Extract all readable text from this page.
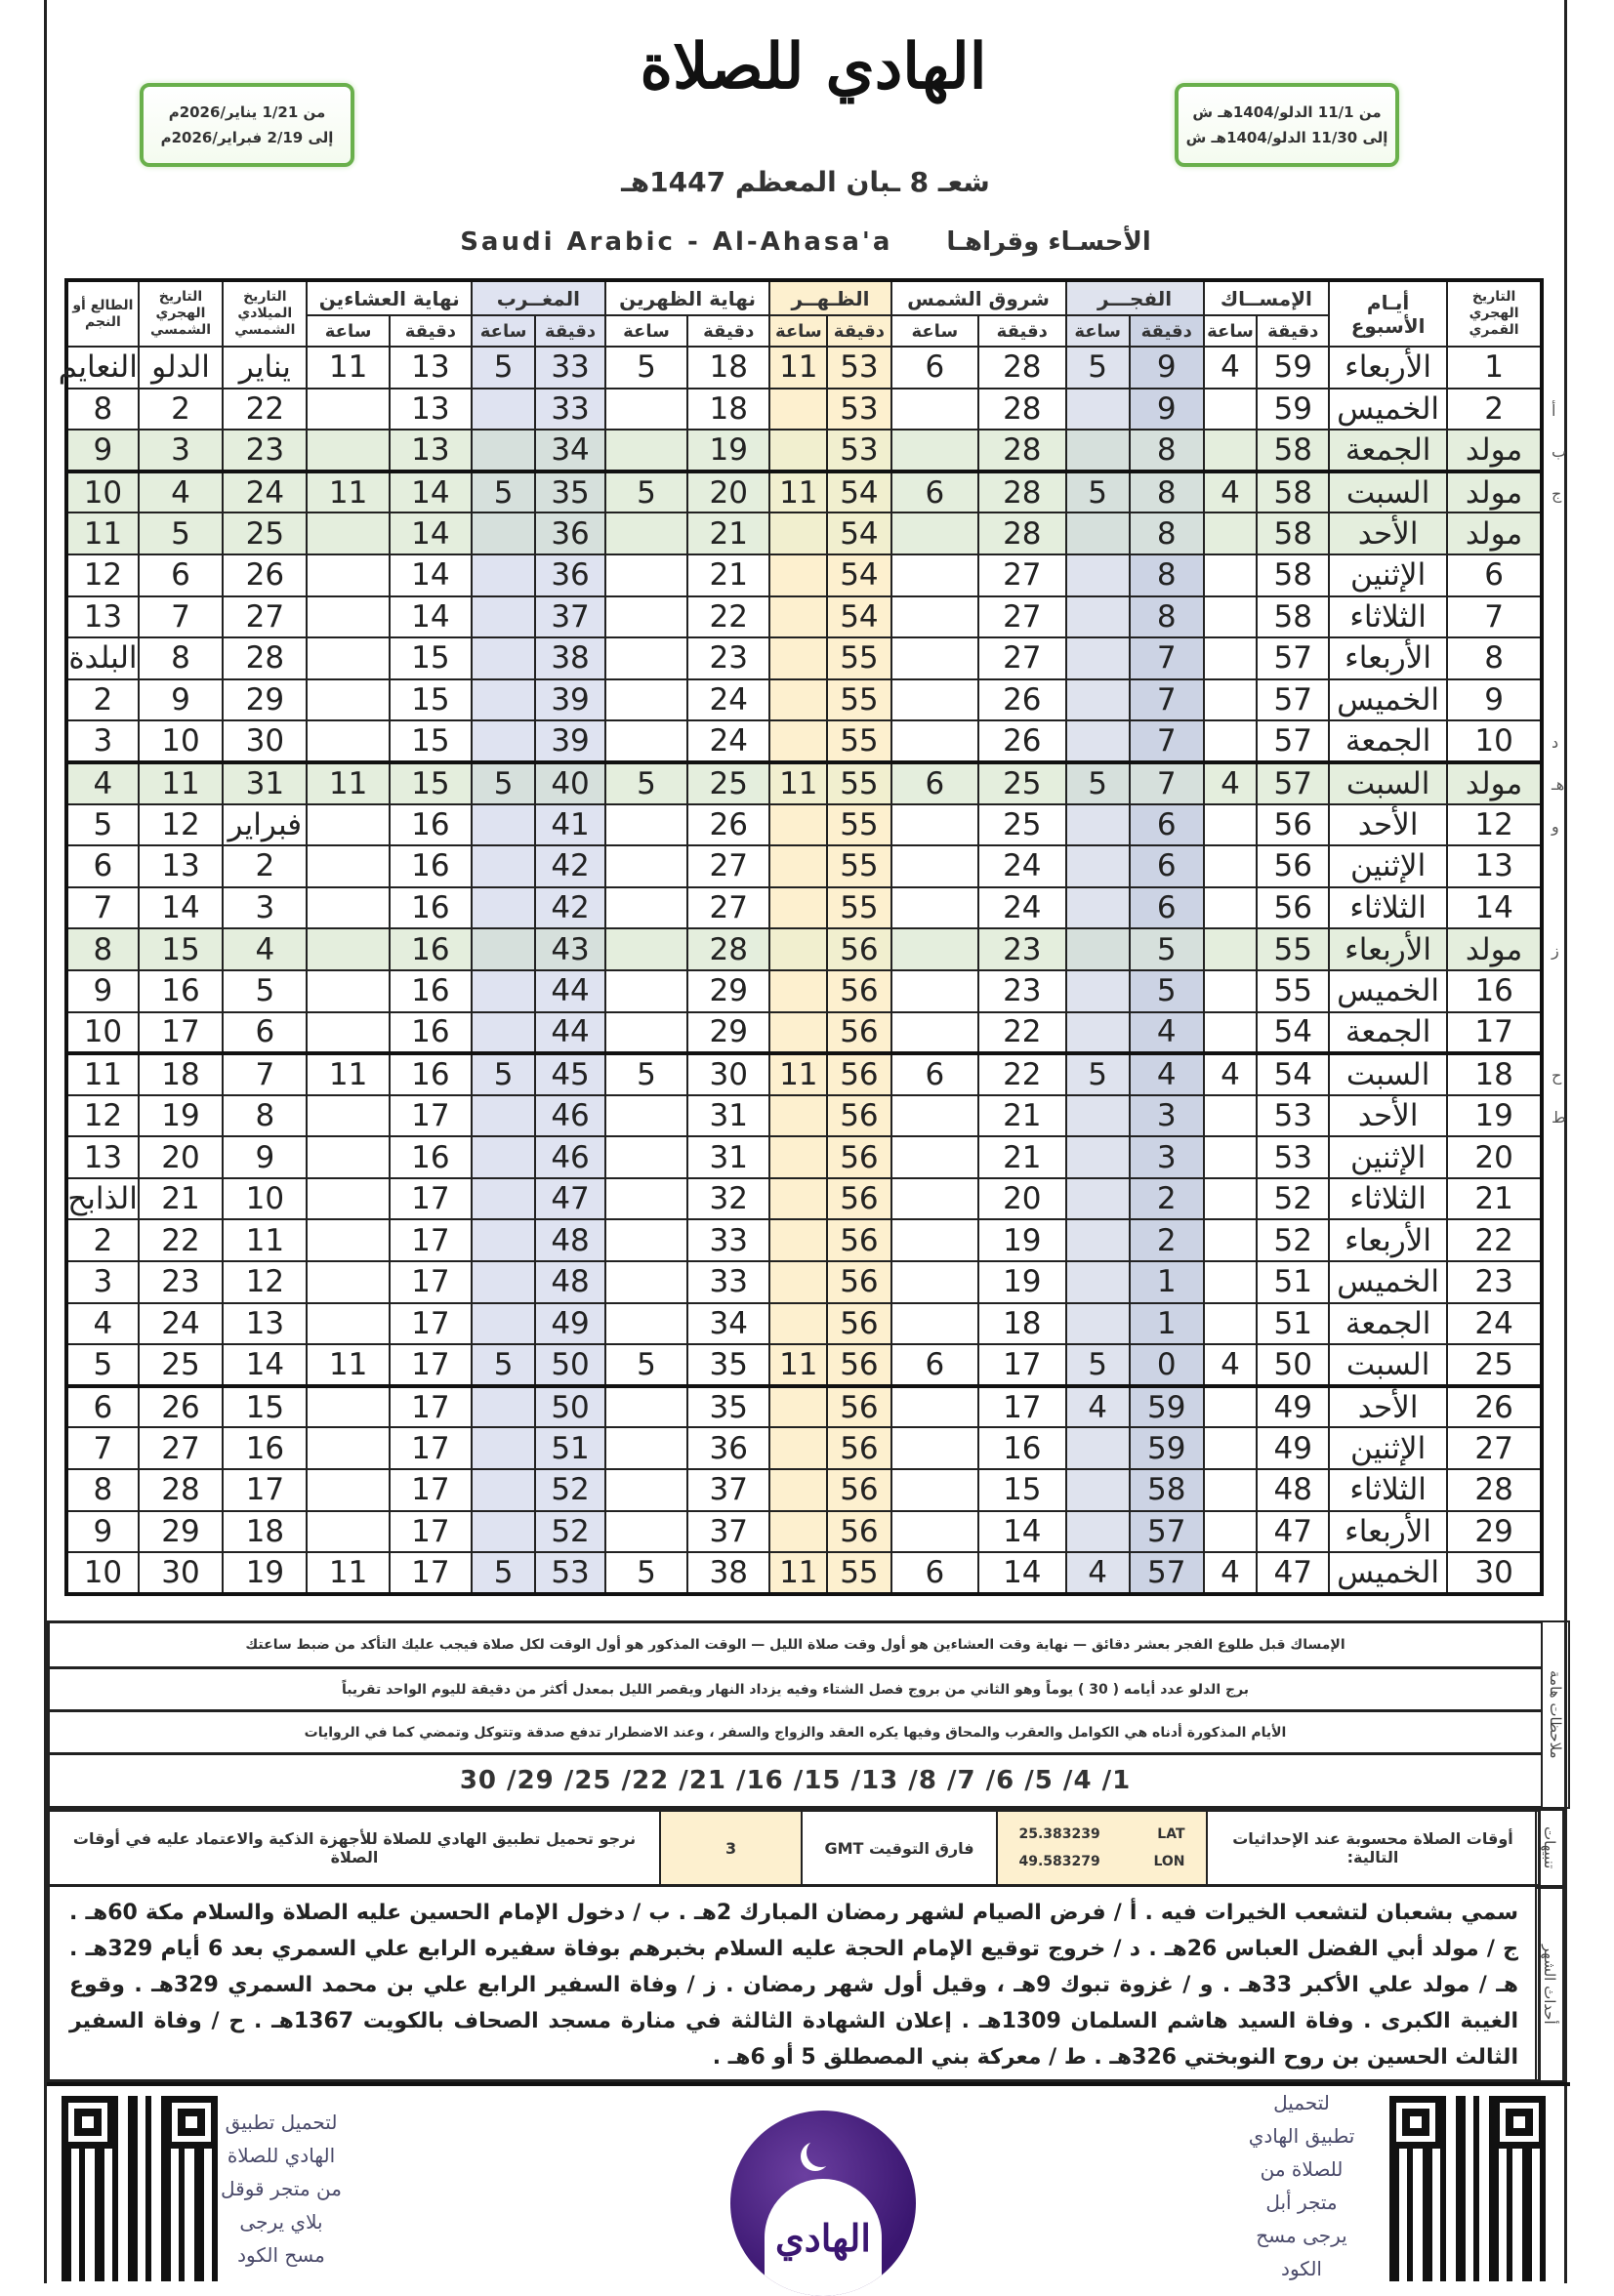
من 1/21 يناير/2026م
إلى 2/19 فبراير/2026م
الهادي للصلاة
من 11/1 الدلو/1404هـ ش
إلى 11/30 الدلو/1404هـ ش
شعـ 8 ـبان المعظم 1447هـ
Saudi Arabic - Al-Ahasa'a الأحسـاء وقراهـا
التاريخ الهجري القمري	أيـام الأسبوع	الإمســاك		الفجـــر		شروق الشمس		الظـهــر		نهاية الظهرين		المغــرب		نهاية العشاءين		التاريخ الميلادي الشمسي	التاريخ الهجري الشمسي	الطالع أو النجم
		دقيقة	ساعة	دقيقة	ساعة	دقيقة	ساعة	دقيقة	ساعة	دقيقة	ساعة	دقيقة	ساعة	دقيقة	ساعة			
1	الأربعاء	59	4	9	5	28	6	53	11	18	5	33	5	13	11	يناير	الدلو	النعايم
2	الخميس	59		9		28		53		18		33		13		22	2	8
مولد	الجمعة	58		8		28		53		19		34		13		23	3	9
مولد	السبت	58	4	8	5	28	6	54	11	20	5	35	5	14	11	24	4	10
مولد	الأحد	58		8		28		54		21		36		14		25	5	11
6	الإثنين	58		8		27		54		21		36		14		26	6	12
7	الثلاثاء	58		8		27		54		22		37		14		27	7	13
8	الأربعاء	57		7		27		55		23		38		15		28	8	البلدة
9	الخميس	57		7		26		55		24		39		15		29	9	2
10	الجمعة	57		7		26		55		24		39		15		30	10	3
مولد	السبت	57	4	7	5	25	6	55	11	25	5	40	5	15	11	31	11	4
12	الأحد	56		6		25		55		26		41		16		فبراير	12	5
13	الإثنين	56		6		24		55		27		42		16		2	13	6
14	الثلاثاء	56		6		24		55		27		42		16		3	14	7
مولد	الأربعاء	55		5		23		56		28		43		16		4	15	8
16	الخميس	55		5		23		56		29		44		16		5	16	9
17	الجمعة	54		4		22		56		29		44		16		6	17	10
18	السبت	54	4	4	5	22	6	56	11	30	5	45	5	16	11	7	18	11
19	الأحد	53		3		21		56		31		46		17		8	19	12
20	الإثنين	53		3		21		56		31		46		16		9	20	13
21	الثلاثاء	52		2		20		56		32		47		17		10	21	الذابح
22	الأربعاء	52		2		19		56		33		48		17		11	22	2
23	الخميس	51		1		19		56		33		48		17		12	23	3
24	الجمعة	51		1		18		56		34		49		17		13	24	4
25	السبت	50	4	0	5	17	6	56	11	35	5	50	5	17	11	14	25	5
26	الأحد	49		59	4	17		56		35		50		17		15	26	6
27	الإثنين	49		59		16		56		36		51		17		16	27	7
28	الثلاثاء	48		58		15		56		37		52		17		17	28	8
29	الأربعاء	47		57		14		56		37		52		17		18	29	9
30	الخميس	47	4	57	4	14	6	55	11	38	5	53	5	17	11	19	30	10
أ
ب
ج
د
هـ
و
ز
ح
ط
الإمساك قبل طلوع الفجر بعشر دقائق — نهاية وقت العشاءين هو أول وقت صلاة الليل — الوقت المذكور هو أول الوقت لكل صلاة فيجب عليك التأكد من ضبط ساعتك
برج الدلو عدد أيامه ( 30 ) يوماً وهو الثاني من بروج فصل الشتاء وفيه يزداد النهار ويقصر الليل بمعدل أكثر من دقيقة لليوم الواحد تقريباً
الأيام المذكورة أدناه هي الكوامل والعقرب والمحاق وفيها يكره العقد والزواج والسفر ، وعند الاضطرار تدفع صدقة وتتوكل وتمضي كما في الروايات
1/ 4/ 5/ 6/ 7/ 8/ 13/ 15/ 16/ 21/ 22/ 25/ 29/ 30
ملاحظات هامة
أوقات الصلاة محسوبة عند الإحداثيات التالية:
LAT
25.383239
LON
49.583279
فارق التوقيت GMT
3
نرجو تحميل تطبيق الهادي للصلاة للأجهزة الذكية والاعتماد عليه في أوقات الصلاة	تنبيهات
سمي بشعبان لتشعب الخيرات فيه . أ / فرض الصيام لشهر رمضان المبارك 2هـ . ب / دخول الإمام الحسين عليه الصلاة والسلام مكة 60هـ . ج / مولد أبي الفضل العباس 26هـ . د / خروج توقيع الإمام الحجة عليه السلام بخبرهم بوفاة سفيره الرابع علي السمري بعد 6 أيام 329هـ . هـ / مولد علي الأكبر 33هـ . و / غزوة تبوك 9هـ ، وقيل أول شهر رمضان . ز / وفاة السفير الرابع علي بن محمد السمري 329هـ . وقوع الغيبة الكبرى . وفاة السيد هاشم السلمان 1309هـ . إعلان الشهادة الثالثة في منارة مسجد الصحاف بالكويت 1367هـ . ح / وفاة السفير الثالث الحسين بن روح النوبختي 326هـ . ط / معركة بني المصطلق 5 أو 6هـ .
أحداث الشهر
لتحميل تطبيق الهادي للصلاة من متجر قوقل بلاي يرجى مسح الكود	الهادي
لتحميل تطبيق الهادي للصلاة من متجر أبل يرجى مسح الكود
